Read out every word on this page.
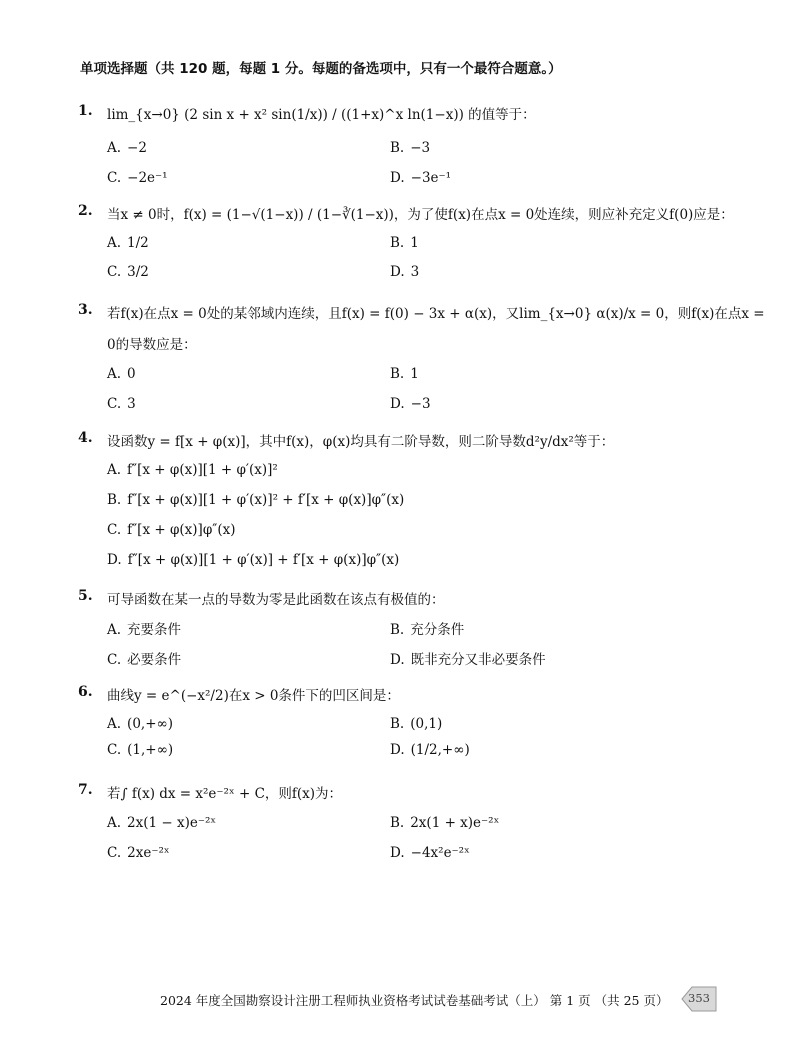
单项选择题（共 120 题，每题 1 分。每题的备选项中，只有一个最符合题意。）
1. lim_{x→0} (2 sin x + x² sin(1/x)) / ((1+x)^x ln(1−x)) 的值等于：
A. −2	B. −3
C. −2e⁻¹	D. −3e⁻¹
2. 当x ≠ 0时，f(x) = (1−√(1−x)) / (1−∛(1−x))，为了使f(x)在点x = 0处连续，则应补充定义f(0)应是：
A. 1/2	B. 1
C. 3/2	D. 3
3. 若f(x)在点x = 0处的某邻域内连续，且f(x) = f(0) − 3x + α(x)，又lim_{x→0} α(x)/x = 0，则f(x)在点x =
0的导数应是：
A. 0	B. 1
C. 3	D. −3
4. 设函数y = f[x + φ(x)]，其中f(x)，φ(x)均具有二阶导数，则二阶导数d²y/dx²等于：
A. f″[x + φ(x)][1 + φ′(x)]²
B. f″[x + φ(x)][1 + φ′(x)]² + f′[x + φ(x)]φ″(x)
C. f″[x + φ(x)]φ″(x)
D. f″[x + φ(x)][1 + φ′(x)] + f′[x + φ(x)]φ″(x)
5. 可导函数在某一点的导数为零是此函数在该点有极值的：
A. 充要条件	B. 充分条件
C. 必要条件	D. 既非充分又非必要条件
6. 曲线y = e^(−x²/2)在x > 0条件下的凹区间是：
A. (0,+∞)	B. (0,1)
C. (1,+∞)	D. (1/2,+∞)
7. 若∫ f(x) dx = x²e⁻²ˣ + C，则f(x)为：
A. 2x(1 − x)e⁻²ˣ	B. 2x(1 + x)e⁻²ˣ
C. 2xe⁻²ˣ	D. −4x²e⁻²ˣ
2024 年度全国勘察设计注册工程师执业资格考试试卷基础考试（上） 第 1 页 （共 25 页）	353
